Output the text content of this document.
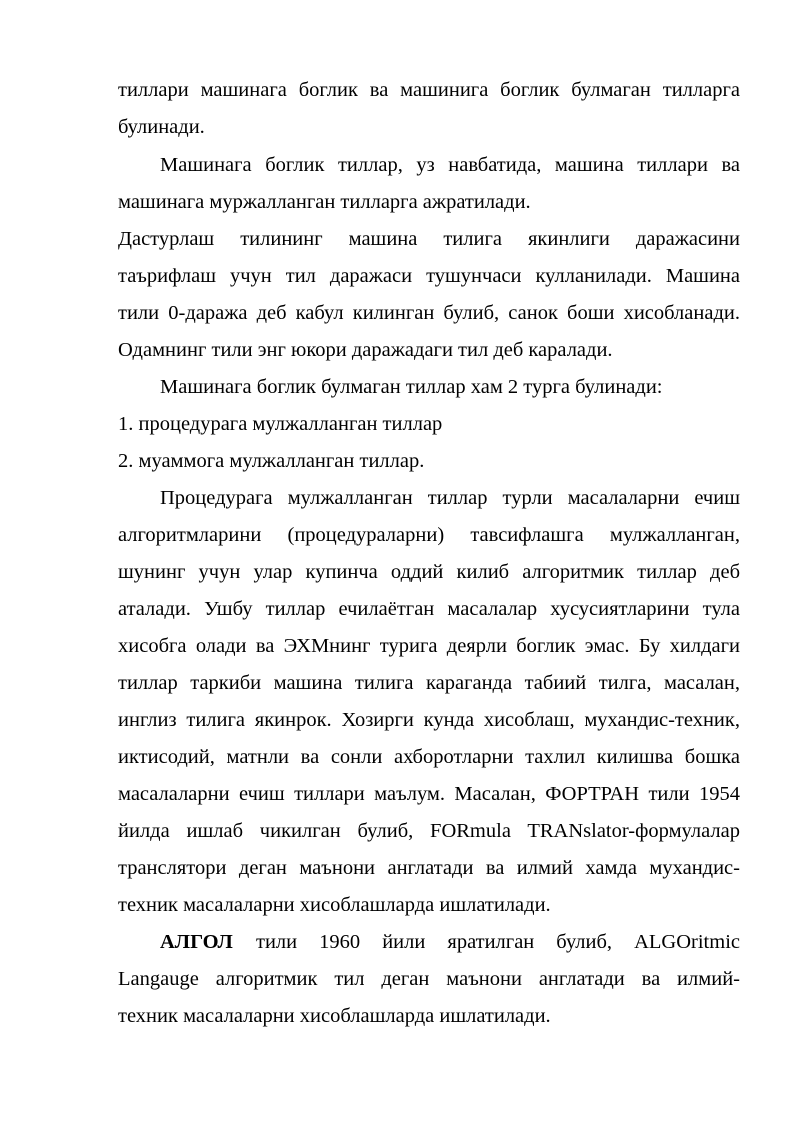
тиллари машинага боглик ва машинига боглик булмаган тилларга
булинади.
Машинага боглик тиллар, уз навбатида, машина тиллари ва
машинага муржалланган тилларга ажратилади.
Дастурлаш тилининг машина тилига якинлиги даражасини
таърифлаш учун тил даражаси тушунчаси кулланилади. Машина
тили 0-даража деб кабул килинган булиб, санок боши хисобланади.
Одамнинг тили энг юкори даражадаги тил деб каралади.
Машинага боглик булмаган тиллар хам 2 турга булинади:
1. процедурага мулжалланган тиллар
2. муаммога мулжалланган тиллар.
Процедурага мулжалланган тиллар турли масалаларни ечиш
алгоритмларини (процедураларни) тавсифлашга мулжалланган,
шунинг учун улар купинча оддий килиб алгоритмик тиллар деб
аталади. Ушбу тиллар ечилаётган масалалар хусусиятларини тула
хисобга олади ва ЭХМнинг турига деярли боглик эмас. Бу хилдаги
тиллар таркиби машина тилига караганда табиий тилга, масалан,
инглиз тилига якинрок. Хозирги кунда хисоблаш, мухандис-техник,
иктисодий, матнли ва сонли ахборотларни тахлил килишва бошка
масалаларни ечиш тиллари маълум. Масалан, ФОРТРАН тили 1954
йилда ишлаб чикилган булиб, FORmula TRANslator-формулалар
транслятори деган маънони англатади ва илмий хамда мухандис-
техник масалаларни хисоблашларда ишлатилади.
АЛГОЛ тили 1960 йили яратилган булиб, ALGOritmic
Langauge алгоритмик тил деган маънони англатади ва илмий-
техник масалаларни хисоблашларда ишлатилади.
